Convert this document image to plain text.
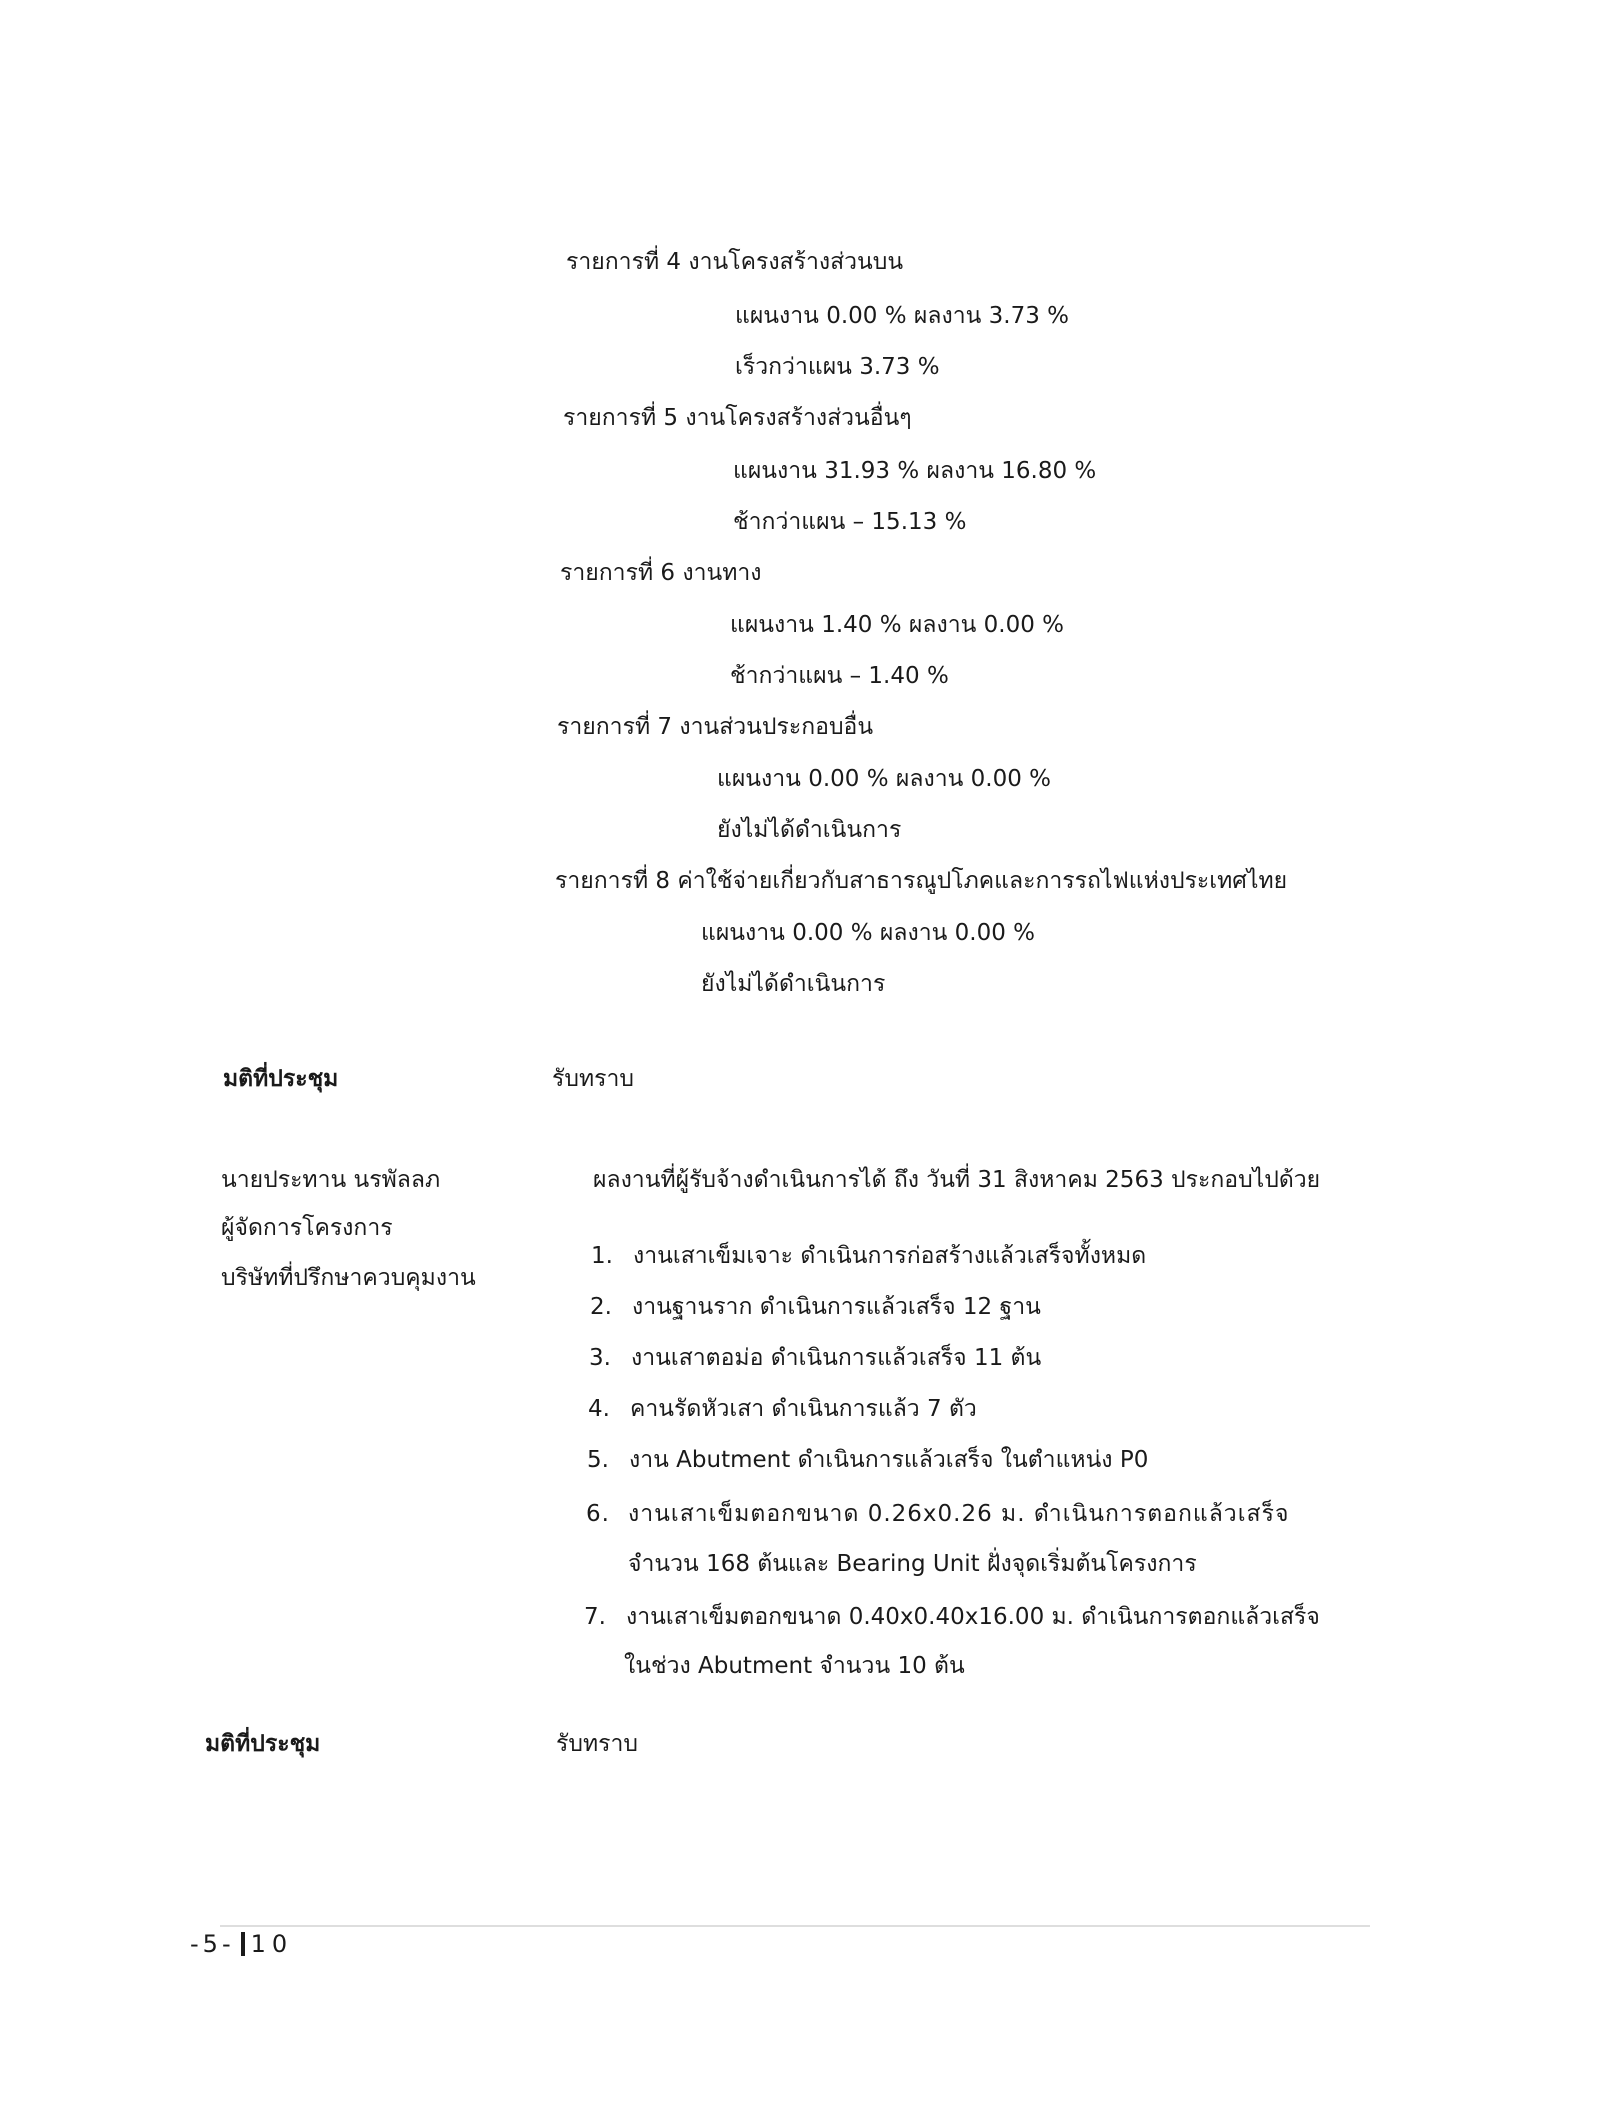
รายการที่ 4 งานโครงสร้างส่วนบน
แผนงาน 0.00 % ผลงาน 3.73 %
เร็วกว่าแผน 3.73 %
รายการที่ 5 งานโครงสร้างส่วนอื่นๆ
แผนงาน 31.93 % ผลงาน 16.80 %
ช้ากว่าแผน – 15.13 %
รายการที่ 6 งานทาง
แผนงาน 1.40 % ผลงาน 0.00 %
ช้ากว่าแผน – 1.40 %
รายการที่ 7 งานส่วนประกอบอื่น
แผนงาน 0.00 % ผลงาน 0.00 %
ยังไม่ได้ดำเนินการ
รายการที่ 8 ค่าใช้จ่ายเกี่ยวกับสาธารณูปโภคและการรถไฟแห่งประเทศไทย
แผนงาน 0.00 % ผลงาน 0.00 %
ยังไม่ได้ดำเนินการ
มติที่ประชุม	รับทราบ
นายประทาน นรพัลลภ
ผู้จัดการโครงการ
บริษัทที่ปรึกษาควบคุมงาน
ผลงานที่ผู้รับจ้างดำเนินการได้ ถึง วันที่ 31 สิงหาคม 2563 ประกอบไปด้วย
1. งานเสาเข็มเจาะ ดำเนินการก่อสร้างแล้วเสร็จทั้งหมด
2. งานฐานราก ดำเนินการแล้วเสร็จ 12 ฐาน
3. งานเสาตอม่อ ดำเนินการแล้วเสร็จ 11 ต้น
4. คานรัดหัวเสา ดำเนินการแล้ว 7 ตัว
5. งาน Abutment ดำเนินการแล้วเสร็จ ในตำแหน่ง P0
6. งานเสาเข็มตอกขนาด 0.26x0.26 ม. ดำเนินการตอกแล้วเสร็จ
จำนวน 168 ต้นและ Bearing Unit ฝั่งจุดเริ่มต้นโครงการ
7. งานเสาเข็มตอกขนาด 0.40x0.40x16.00 ม. ดำเนินการตอกแล้วเสร็จ
ในช่วง Abutment จำนวน 10 ต้น
มติที่ประชุม	รับทราบ
-5- 10
